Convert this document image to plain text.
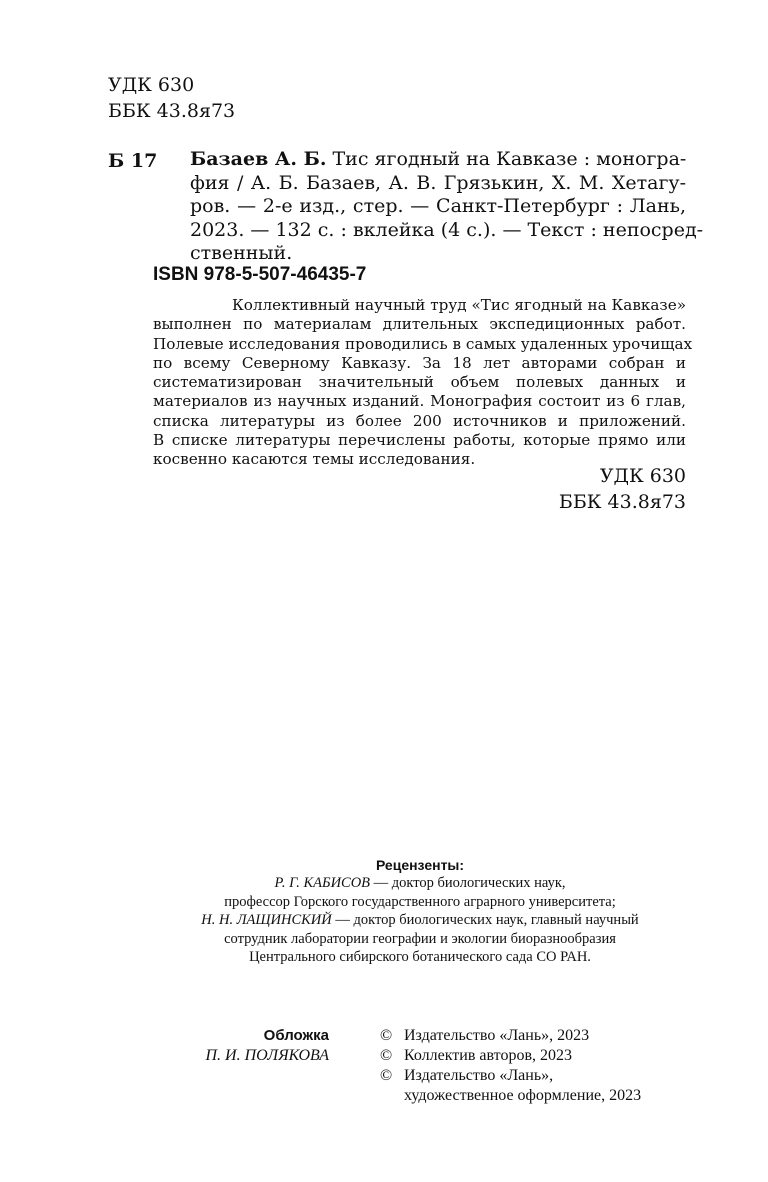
УДК 630
ББК 43.8я73
Б 17 Базаев А. Б. Тис ягодный на Кавказе : моногра-
фия / А. Б. Базаев, А. В. Грязькин, Х. М. Хетагу-
ров. — 2-е изд., стер. — Санкт-Петербург : Лань,
2023. — 132 с. : вклейка (4 с.). — Текст : непосред-
ственный.
ISBN 978-5-507-46435-7
Коллективный научный труд «Тис ягодный на Кавказе»
выполнен по материалам длительных экспедиционных работ.
Полевые исследования проводились в самых удаленных урочищах
по всему Северному Кавказу. За 18 лет авторами собран и
систематизирован значительный объем полевых данных и
материалов из научных изданий. Монография состоит из 6 глав,
списка литературы из более 200 источников и приложений.
В списке литературы перечислены работы, которые прямо или
косвенно касаются темы исследования.
УДК 630
ББК 43.8я73
Рецензенты:
Р. Г. КАБИСОВ — доктор биологических наук,
профессор Горского государственного аграрного университета;
Н. Н. ЛАЩИНСКИЙ — доктор биологических наук, главный научный
сотрудник лаборатории географии и экологии биоразнообразия
Центрального сибирского ботанического сада СО РАН.
Обложка
П. И. ПОЛЯКОВА
© Издательство «Лань», 2023
© Коллектив авторов, 2023
© Издательство «Лань»,
художественное оформление, 2023
